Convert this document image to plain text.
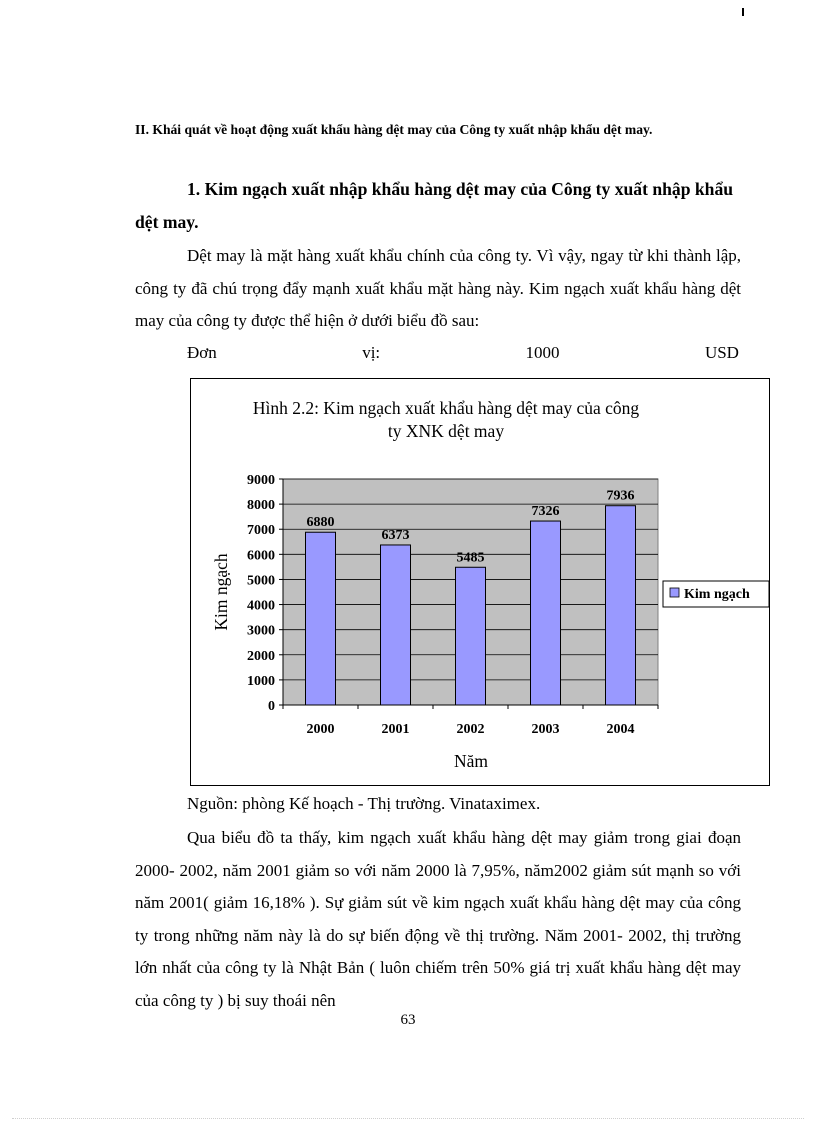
II. Khái quát về hoạt động xuất khẩu hàng dệt may của Công ty xuất nhập khẩu dệt may.

1. Kim ngạch xuất nhập khẩu hàng dệt may của Công ty xuất nhập khẩu dệt may.

Dệt may là mặt hàng xuất khẩu chính của công ty. Vì vậy, ngay từ khi thành lập, công ty đã chú trọng đẩy mạnh xuất khẩu mặt hàng này. Kim ngạch xuất khẩu hàng dệt may của công ty được thể hiện ở dưới biểu đồ sau:

Đơn	vị:	1000	USD
Hình 2.2: Kim ngạch xuất khẩu hàng dệt may của công
ty XNK dệt may
0
1000
2000
3000
4000
5000
6000
7000
8000
9000
6880
2000
6373
2001
5485
2002
7326
2003
7936
2004
Năm
Kim ngạch	Kim ngạch

Nguồn: phòng Kế hoạch - Thị trường. Vinataximex.

Qua biểu đồ ta thấy, kim ngạch xuất khẩu hàng dệt may giảm trong giai đoạn 2000- 2002, năm 2001 giảm so với năm 2000 là 7,95%, năm2002 giảm sút mạnh so với năm 2001( giảm 16,18% ). Sự giảm sút về kim ngạch xuất khẩu hàng dệt may của công ty trong những năm này là do sự biến động về thị trường. Năm 2001- 2002, thị trường lớn nhất của công ty là Nhật Bản ( luôn chiếm trên 50% giá trị xuất khẩu hàng dệt may của công ty ) bị suy thoái nên

63
